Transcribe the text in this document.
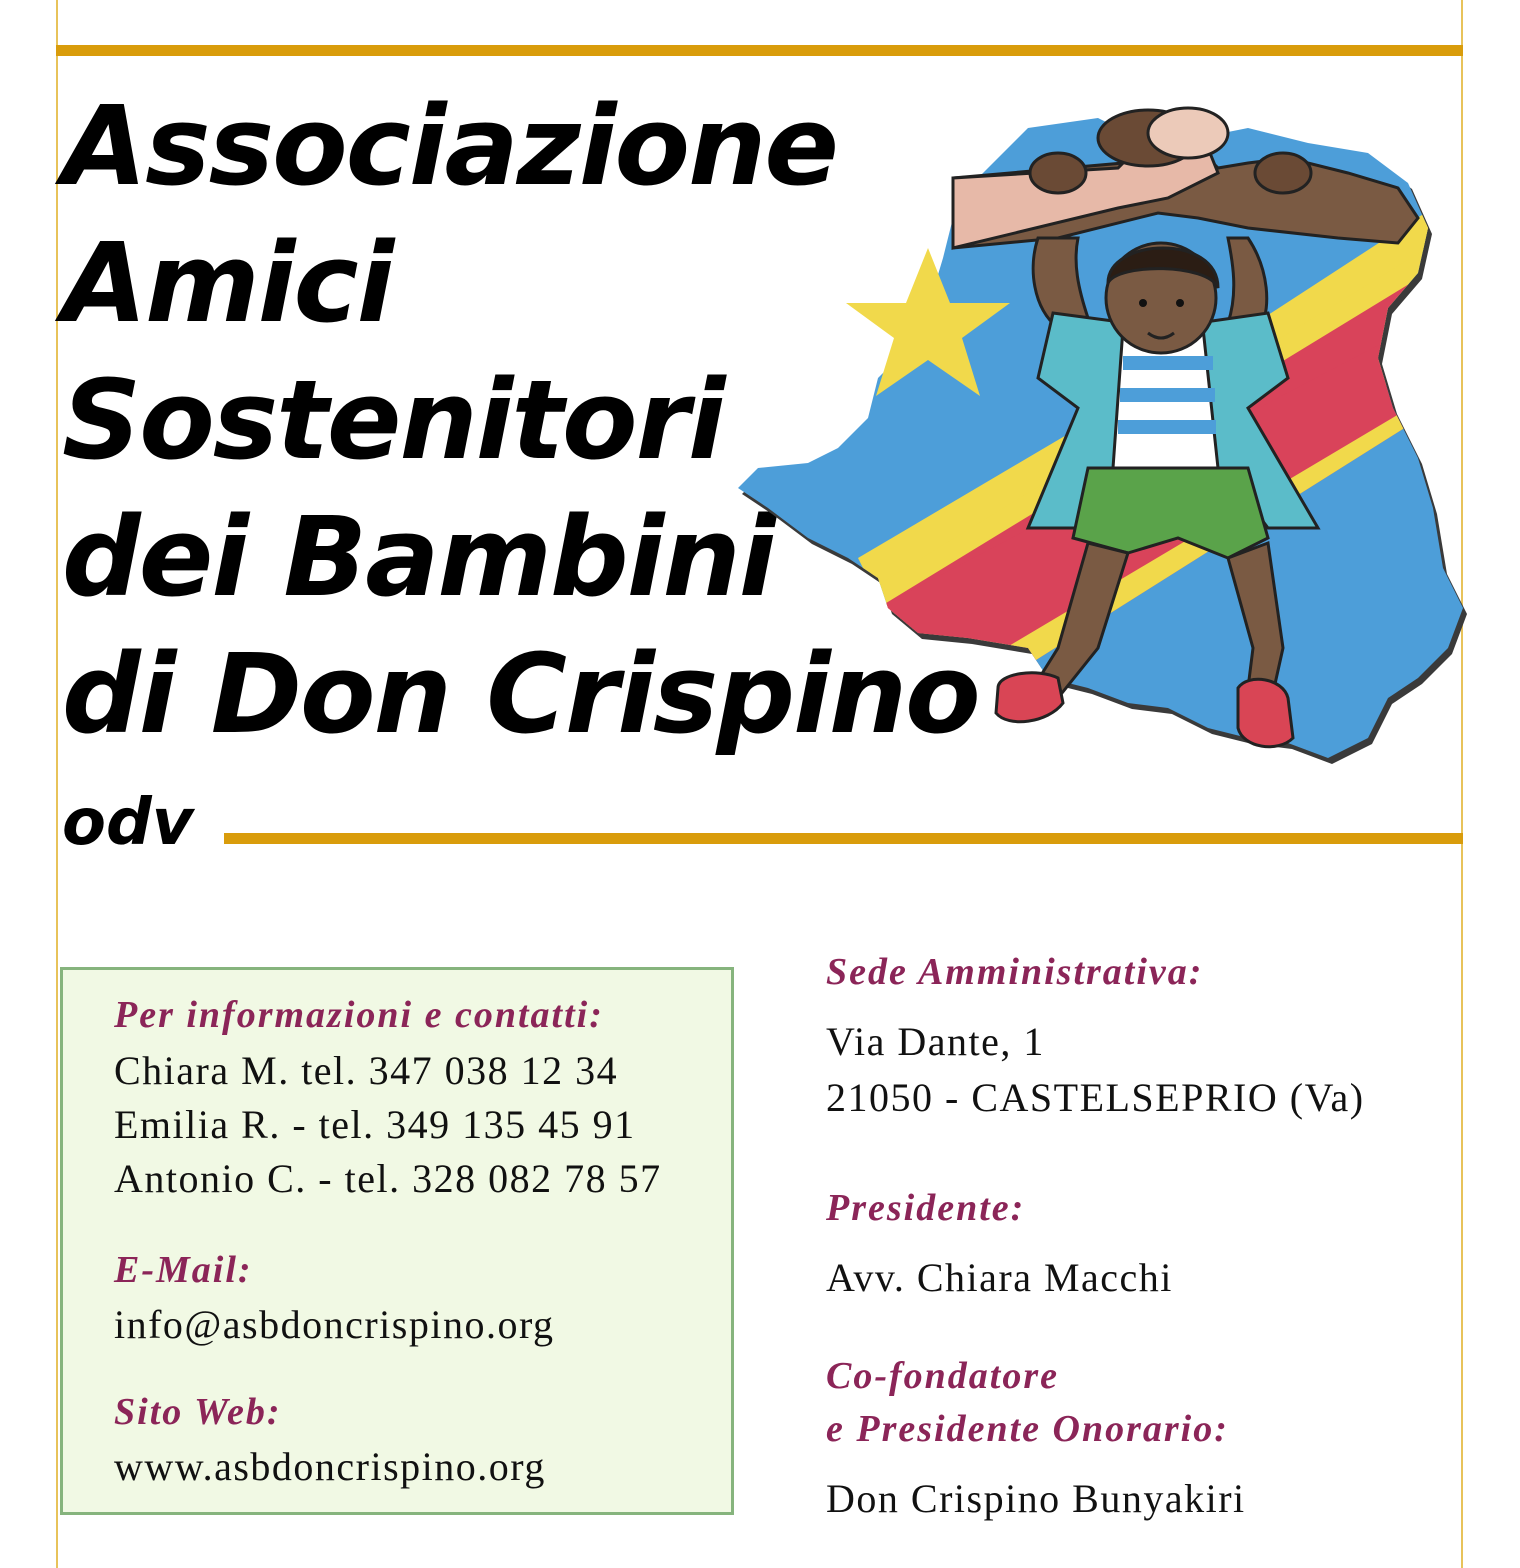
Associazione
Amici
Sostenitori
dei Bambini
di Don Crispino
odv
Per informazioni e contatti:
Chiara M. tel. 347 038 12 34
Emilia R. - tel. 349 135 45 91
Antonio C. - tel. 328 082 78 57
E-Mail:
info@asbdoncrispino.org
Sito Web:
www.asbdoncrispino.org
Sede Amministrativa:
Via Dante, 1
21050 - CASTELSEPRIO (Va)
Presidente:
Avv. Chiara Macchi
Co-fondatore
e Presidente Onorario:
Don Crispino Bunyakiri
